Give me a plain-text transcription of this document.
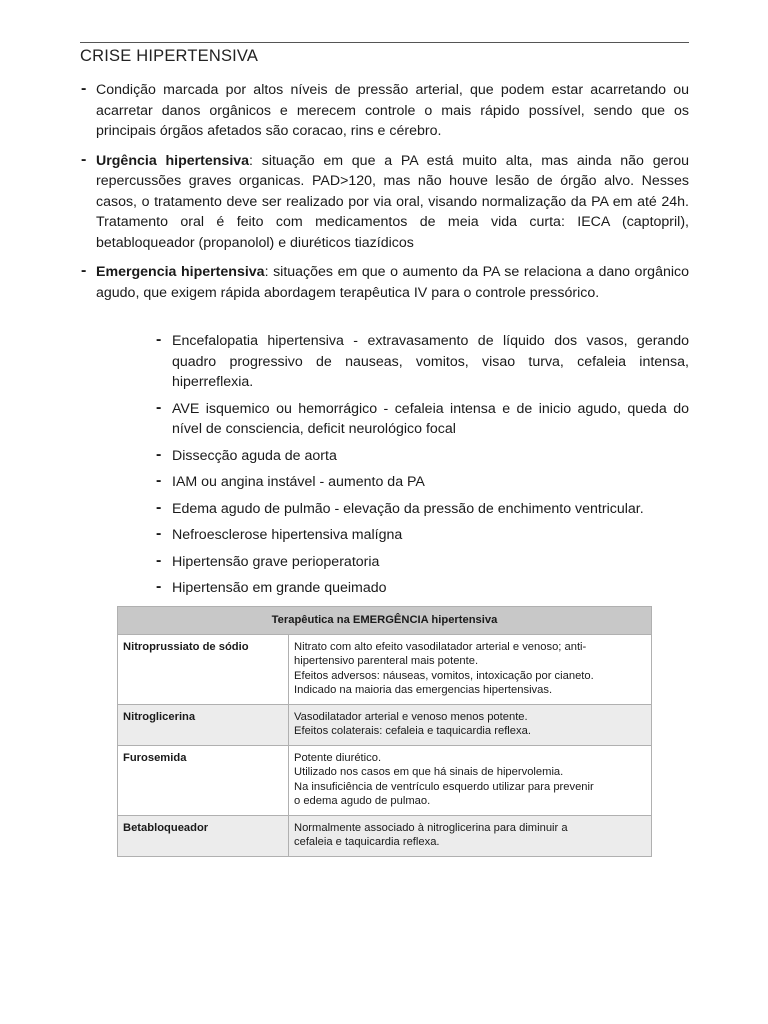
CRISE HIPERTENSIVA
- Condição marcada por altos níveis de pressão arterial, que podem estar acarretando ou acarretar danos orgânicos e merecem controle o mais rápido possível, sendo que os principais órgãos afetados são coracao, rins e cérebro.
- Urgência hipertensiva: situação em que a PA está muito alta, mas ainda não gerou repercussões graves organicas. PAD>120, mas não houve lesão de órgão alvo. Nesses casos, o tratamento deve ser realizado por via oral, visando normalização da PA em até 24h. Tratamento oral é feito com medicamentos de meia vida curta: IECA (captopril), betabloqueador (propanolol) e diuréticos tiazídicos
- Emergencia hipertensiva: situações em que o aumento da PA se relaciona a dano orgânico agudo, que exigem rápida abordagem terapêutica IV para o controle pressórico.
- Encefalopatia hipertensiva - extravasamento de líquido dos vasos, gerando quadro progressivo de nauseas, vomitos, visao turva, cefaleia intensa, hiperreflexia.
- AVE isquemico ou hemorrágico - cefaleia intensa e de inicio agudo, queda do nível de consciencia, deficit neurológico focal
- Dissecção aguda de aorta
- IAM ou angina instável - aumento da PA
- Edema agudo de pulmão - elevação da pressão de enchimento ventricular.
- Nefroesclerose hipertensiva malígna
- Hipertensão grave perioperatoria
- Hipertensão em grande queimado
Terapêutica na EMERGÊNCIA hipertensiva	
Nitroprussiato de sódio	Nitrato com alto efeito vasodilatador arterial e venoso; anti-
hipertensivo parenteral mais potente.
Efeitos adversos: náuseas, vomitos, intoxicação por cianeto.
Indicado na maioria das emergencias hipertensivas.

Nitroglicerina	Vasodilatador arterial e venoso menos potente.
Efeitos colaterais: cefaleia e taquicardia reflexa.

Furosemida	Potente diurético.
Utilizado nos casos em que há sinais de hipervolemia.
Na insuficiência de ventrículo esquerdo utilizar para prevenir
o edema agudo de pulmao.

Betabloqueador	Normalmente associado à nitroglicerina para diminuir a
cefaleia e taquicardia reflexa.
